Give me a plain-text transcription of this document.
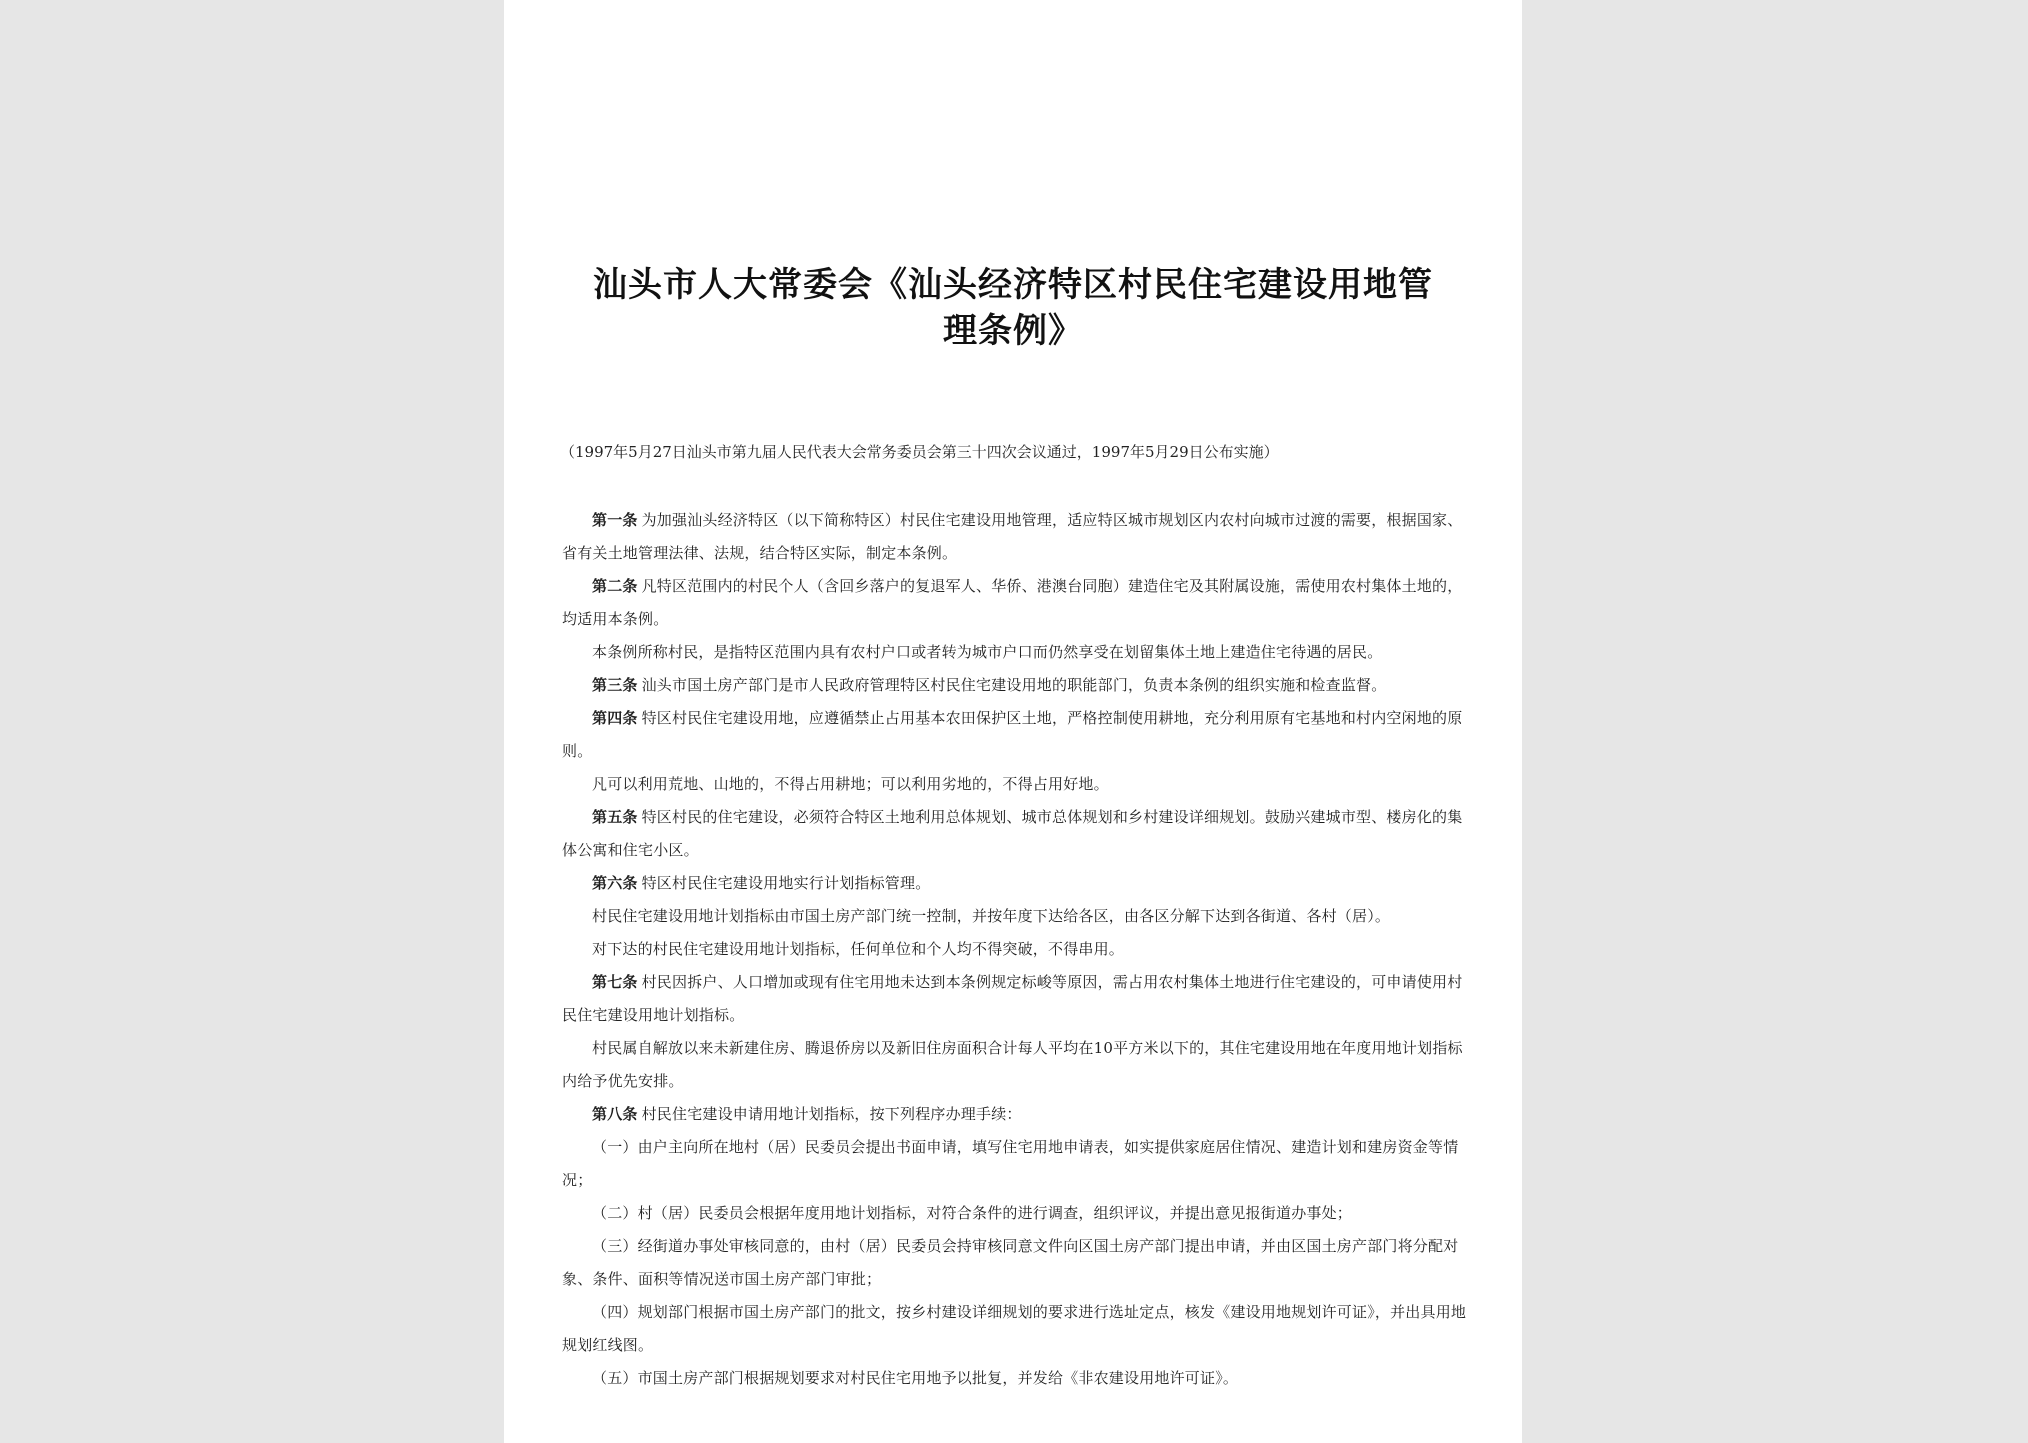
汕头市人大常委会《汕头经济特区村民住宅建设用地管
理条例》
（1997年5月27日汕头市第九届人民代表大会常务委员会第三十四次会议通过，1997年5月29日公布实施）

第一条 为加强汕头经济特区（以下简称特区）村民住宅建设用地管理，适应特区城市规划区内农村向城市过渡的需要，根据国家、省有关土地管理法律、法规，结合特区实际，制定本条例。

第二条 凡特区范围内的村民个人（含回乡落户的复退军人、华侨、港澳台同胞）建造住宅及其附属设施，需使用农村集体土地的，均适用本条例。

本条例所称村民，是指特区范围内具有农村户口或者转为城市户口而仍然享受在划留集体土地上建造住宅待遇的居民。

第三条 汕头市国土房产部门是市人民政府管理特区村民住宅建设用地的职能部门，负责本条例的组织实施和检查监督。

第四条 特区村民住宅建设用地，应遵循禁止占用基本农田保护区土地，严格控制使用耕地，充分利用原有宅基地和村内空闲地的原则。

凡可以利用荒地、山地的，不得占用耕地；可以利用劣地的，不得占用好地。

第五条 特区村民的住宅建设，必须符合特区土地利用总体规划、城市总体规划和乡村建设详细规划。鼓励兴建城市型、楼房化的集体公寓和住宅小区。

第六条 特区村民住宅建设用地实行计划指标管理。

村民住宅建设用地计划指标由市国土房产部门统一控制，并按年度下达给各区，由各区分解下达到各街道、各村（居）。

对下达的村民住宅建设用地计划指标，任何单位和个人均不得突破，不得串用。

第七条 村民因拆户、人口增加或现有住宅用地未达到本条例规定标峻等原因，需占用农村集体土地进行住宅建设的，可申请使用村民住宅建设用地计划指标。

村民属自解放以来未新建住房、腾退侨房以及新旧住房面积合计每人平均在10平方米以下的，其住宅建设用地在年度用地计划指标内给予优先安排。

第八条 村民住宅建设申请用地计划指标，按下列程序办理手续：

（一）由户主向所在地村（居）民委员会提出书面申请，填写住宅用地申请表，如实提供家庭居住情况、建造计划和建房资金等情况；

（二）村（居）民委员会根据年度用地计划指标，对符合条件的进行调查，组织评议，并提出意见报街道办事处；

（三）经街道办事处审核同意的，由村（居）民委员会持审核同意文件向区国土房产部门提出申请，并由区国土房产部门将分配对象、条件、面积等情况送市国土房产部门审批；

（四）规划部门根据市国土房产部门的批文，按乡村建设详细规划的要求进行选址定点，核发《建设用地规划许可证》，并出具用地规划红线图。

（五）市国土房产部门根据规划要求对村民住宅用地予以批复，并发给《非农建设用地许可证》。
